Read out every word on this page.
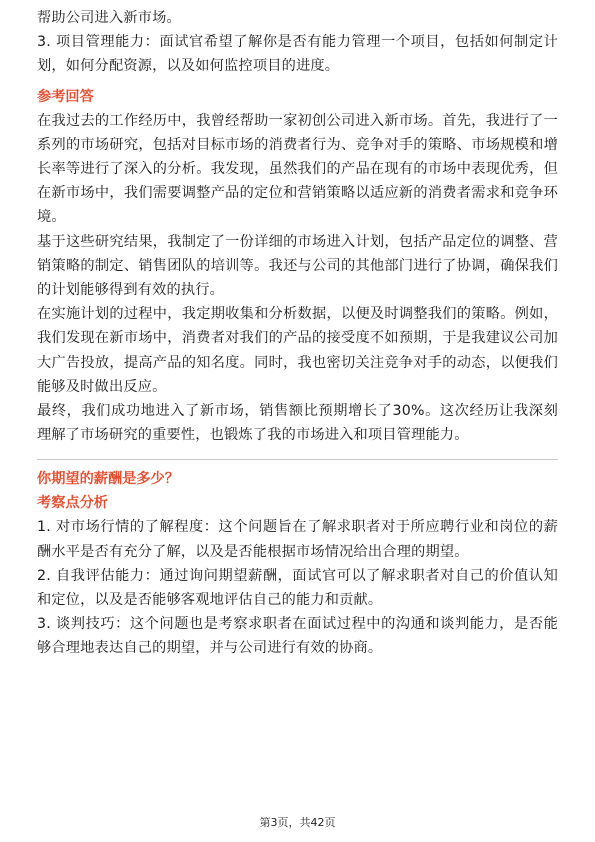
帮助公司进入新市场。

3. 项目管理能力：面试官希望了解你是否有能力管理一个项目，包括如何制定计划，如何分配资源，以及如何监控项目的进度。

参考回答

在我过去的工作经历中，我曾经帮助一家初创公司进入新市场。首先，我进行了一系列的市场研究，包括对目标市场的消费者行为、竞争对手的策略、市场规模和增长率等进行了深入的分析。我发现，虽然我们的产品在现有的市场中表现优秀，但在新市场中，我们需要调整产品的定位和营销策略以适应新的消费者需求和竞争环境。

基于这些研究结果，我制定了一份详细的市场进入计划，包括产品定位的调整、营销策略的制定、销售团队的培训等。我还与公司的其他部门进行了协调，确保我们的计划能够得到有效的执行。

在实施计划的过程中，我定期收集和分析数据，以便及时调整我们的策略。例如，我们发现在新市场中，消费者对我们的产品的接受度不如预期，于是我建议公司加大广告投放，提高产品的知名度。同时，我也密切关注竞争对手的动态，以便我们能够及时做出反应。

最终，我们成功地进入了新市场，销售额比预期增长了30%。这次经历让我深刻理解了市场研究的重要性，也锻炼了我的市场进入和项目管理能力。

你期望的薪酬是多少？

考察点分析

1. 对市场行情的了解程度：这个问题旨在了解求职者对于所应聘行业和岗位的薪酬水平是否有充分了解，以及是否能根据市场情况给出合理的期望。

2. 自我评估能力：通过询问期望薪酬，面试官可以了解求职者对自己的价值认知和定位，以及是否能够客观地评估自己的能力和贡献。

3. 谈判技巧：这个问题也是考察求职者在面试过程中的沟通和谈判能力，是否能够合理地表达自己的期望，并与公司进行有效的协商。

第3页，共42页
